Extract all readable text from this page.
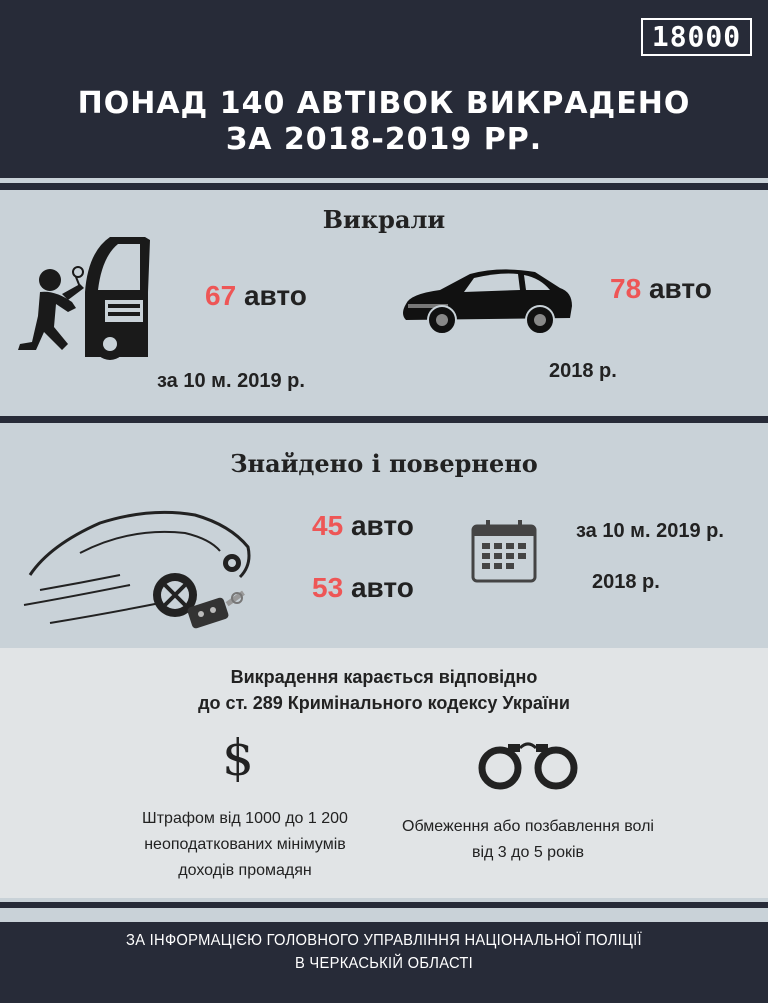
18000
ПОНАД 140 АВТІВОК ВИКРАДЕНО
ЗА 2018-2019 РР.
Викрали
67 авто
за 10 м. 2019 р.
78 авто
2018 р.
Знайдено і повернено
45 авто
53 авто
за 10 м. 2019 р.
2018 р.
Викрадення карається відповідно
до ст. 289 Кримінального кодексу України
$
Штрафом від 1000 до 1 200
неоподаткованих мінімумів
доходів промадян
Обмеження або позбавлення волі
від 3 до 5 років
ЗА ІНФОРМАЦІЄЮ ГОЛОВНОГО УПРАВЛІННЯ НАЦІОНАЛЬНОЇ ПОЛІЦІЇ
В ЧЕРКАСЬКІЙ ОБЛАСТІ
